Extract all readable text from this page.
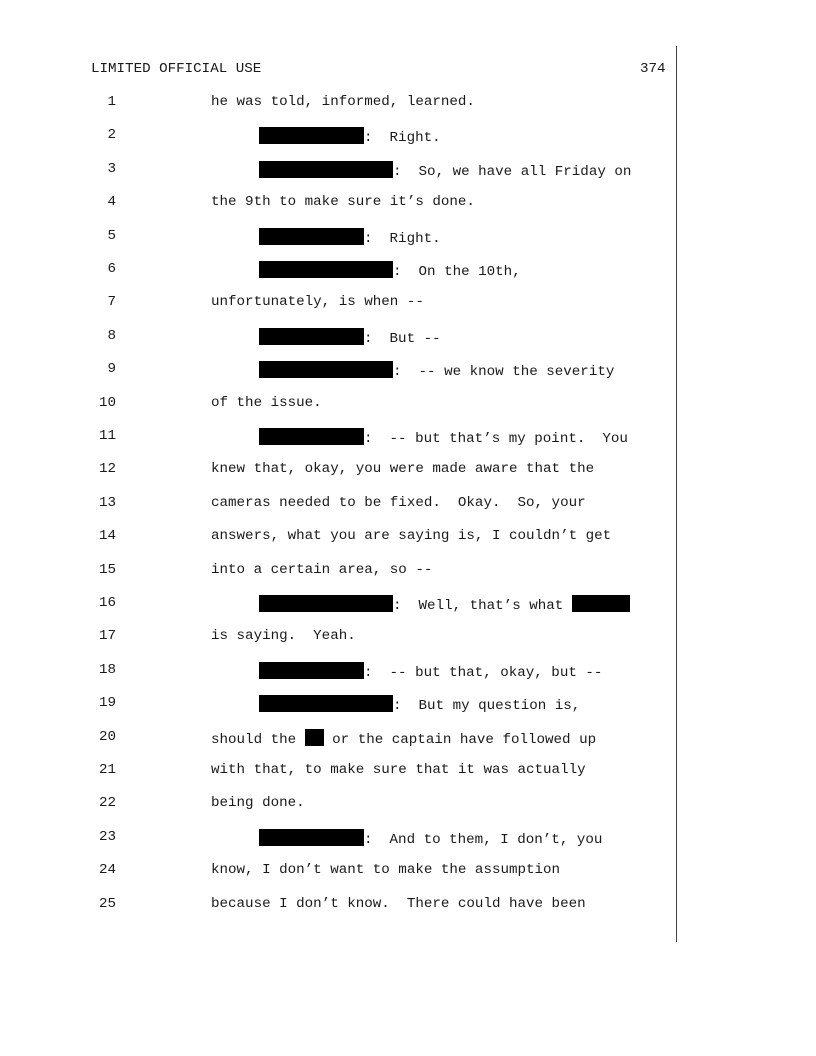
LIMITED OFFICIAL USE	374
1	he was told, informed, learned.
2	:  Right.
3	:  So, we have all Friday on
4	the 9th to make sure it’s done.
5	:  Right.
6	:  On the 10th,
7	unfortunately, is when --
8	:  But --
9	:  -- we know the severity
10	of the issue.
11	:  -- but that’s my point.  You
12	knew that, okay, you were made aware that the
13	cameras needed to be fixed.  Okay.  So, your
14	answers, what you are saying is, I couldn’t get
15	into a certain area, so --
16	:  Well, that’s what
17	is saying.  Yeah.
18	:  -- but that, okay, but --
19	:  But my question is,
20	should the  or the captain have followed up
21	with that, to make sure that it was actually
22	being done.
23	:  And to them, I don’t, you
24	know, I don’t want to make the assumption
25	because I don’t know.  There could have been
